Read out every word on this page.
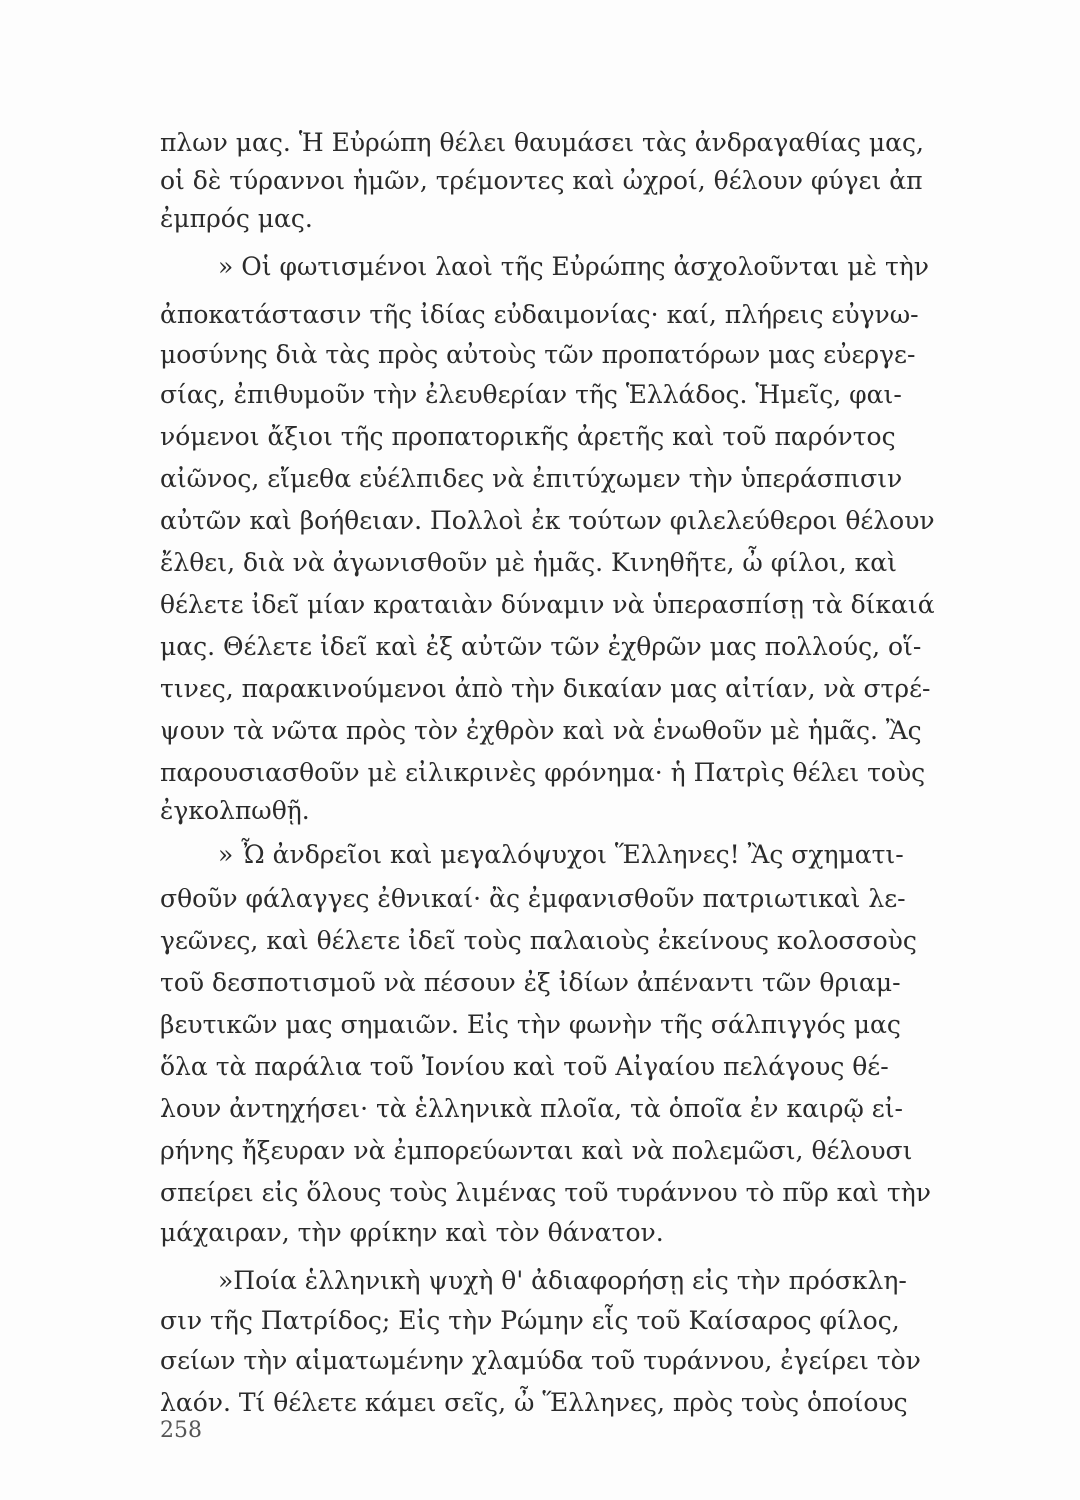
πλων μας. Ἡ Εὐρώπη θέλει θαυμάσει τὰς ἀνδραγαθίας μας,
οἱ δὲ τύραννοι ἡμῶν, τρέμοντες καὶ ὠχροί, θέλουν φύγει ἀπ
ἐμπρός μας.
» Οἱ φωτισμένοι λαοὶ τῆς Εὐρώπης ἀσχολοῦνται μὲ τὴν
ἀποκατάστασιν τῆς ἰδίας εὐδαιμονίας· καί, πλήρεις εὐγνω-
μοσύνης διὰ τὰς πρὸς αὐτοὺς τῶν προπατόρων μας εὐεργε-
σίας, ἐπιθυμοῦν τὴν ἐλευθερίαν τῆς Ἑλλάδος. Ἡμεῖς, φαι-
νόμενοι ἄξιοι τῆς προπατορικῆς ἀρετῆς καὶ τοῦ παρόντος
αἰῶνος, εἴμεθα εὐέλπιδες νὰ ἐπιτύχωμεν τὴν ὑπεράσπισιν
αὐτῶν καὶ βοήθειαν. Πολλοὶ ἐκ τούτων φιλελεύθεροι θέλουν
ἔλθει, διὰ νὰ ἀγωνισθοῦν μὲ ἡμᾶς. Κινηθῆτε, ὦ φίλοι, καὶ
θέλετε ἰδεῖ μίαν κραταιὰν δύναμιν νὰ ὑπερασπίσῃ τὰ δίκαιά
μας. Θέλετε ἰδεῖ καὶ ἐξ αὐτῶν τῶν ἐχθρῶν μας πολλούς, οἵ-
τινες, παρακινούμενοι ἀπὸ τὴν δικαίαν μας αἰτίαν, νὰ στρέ-
ψουν τὰ νῶτα πρὸς τὸν ἐχθρὸν καὶ νὰ ἑνωθοῦν μὲ ἡμᾶς. Ἂς
παρουσιασθοῦν μὲ εἰλικρινὲς φρόνημα· ἡ Πατρὶς θέλει τοὺς
ἐγκολπωθῇ.
» Ὦ ἀνδρεῖοι καὶ μεγαλόψυχοι Ἕλληνες! Ἂς σχηματι-
σθοῦν φάλαγγες ἐθνικαί· ἂς ἐμφανισθοῦν πατριωτικαὶ λε-
γεῶνες, καὶ θέλετε ἰδεῖ τοὺς παλαιοὺς ἐκείνους κολοσσοὺς
τοῦ δεσποτισμοῦ νὰ πέσουν ἐξ ἰδίων ἀπέναντι τῶν θριαμ-
βευτικῶν μας σημαιῶν. Εἰς τὴν φωνὴν τῆς σάλπιγγός μας
ὅλα τὰ παράλια τοῦ Ἰονίου καὶ τοῦ Αἰγαίου πελάγους θέ-
λουν ἀντηχήσει· τὰ ἑλληνικὰ πλοῖα, τὰ ὁποῖα ἐν καιρῷ εἰ-
ρήνης ἤξευραν νὰ ἐμπορεύωνται καὶ νὰ πολεμῶσι, θέλουσι
σπείρει εἰς ὅλους τοὺς λιμένας τοῦ τυράννου τὸ πῦρ καὶ τὴν
μάχαιραν, τὴν φρίκην καὶ τὸν θάνατον.
»Ποία ἑλληνικὴ ψυχὴ θ' ἀδιαφορήσῃ εἰς τὴν πρόσκλη-
σιν τῆς Πατρίδος; Εἰς τὴν Ρώμην εἷς τοῦ Καίσαρος φίλος,
σείων τὴν αἱματωμένην χλαμύδα τοῦ τυράννου, ἐγείρει τὸν
λαόν. Τί θέλετε κάμει σεῖς, ὦ Ἕλληνες, πρὸς τοὺς ὁποίους
258
